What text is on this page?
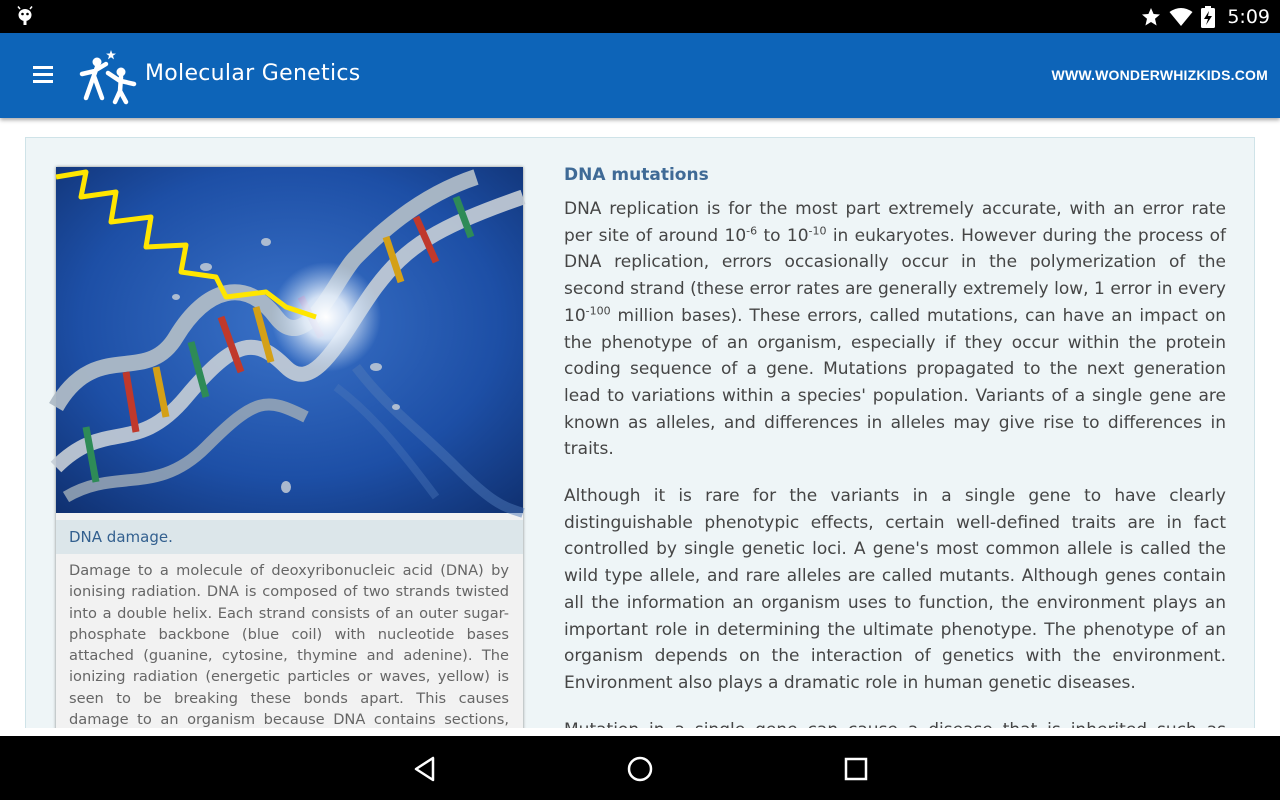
5:09
Molecular Genetics	WWW.WONDERWHIZKIDS.COM
DNA damage.
Damage to a molecule of deoxyribonucleic acid (DNA) by ionising radiation. DNA is composed of two strands twisted into a double helix. Each strand consists of an outer sugar-phosphate backbone (blue coil) with nucleotide bases attached (guanine, cytosine, thymine and adenine). The ionizing radiation (energetic particles or waves, yellow) is seen to be breaking these bonds apart. This causes damage to an organism because DNA contains sections,
DNA mutations

DNA replication is for the most part extremely accurate, with an error rate per site of around $10^{-6}$ to $10^{-10}$ in eukaryotes. However during the process of DNA replication, errors occasionally occur in the polymerization of the second strand (these error rates are generally extremely low, 1 error in every $10^{-100}$ million bases). These errors, called mutations, can have an impact on the phenotype of an organism, especially if they occur within the protein coding sequence of a gene. Mutations propagated to the next generation lead to variations within a species' population. Variants of a single gene are known as alleles, and differences in alleles may give rise to differences in traits.

Although it is rare for the variants in a single gene to have clearly distinguishable phenotypic effects, certain well-defined traits are in fact controlled by single genetic loci. A gene's most common allele is called the wild type allele, and rare alleles are called mutants. Although genes contain all the information an organism uses to function, the environment plays an important role in determining the ultimate phenotype. The phenotype of an organism depends on the interaction of genetics with the environment. Environment also plays a dramatic role in human genetic diseases.
